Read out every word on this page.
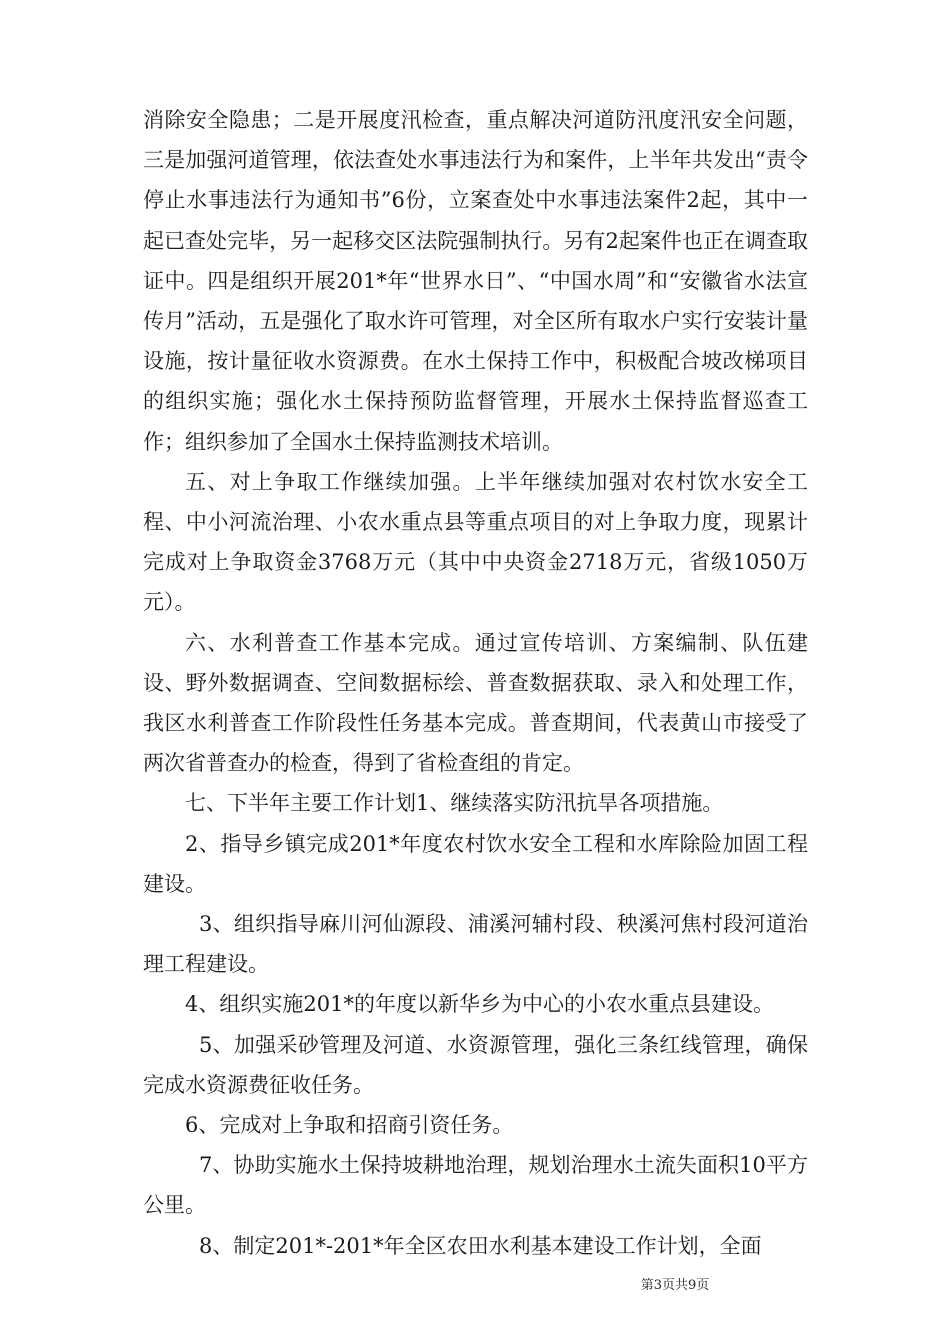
消除安全隐患；二是开展度汛检查，重点解决河道防汛度汛安全问题，三是加强河道管理，依法查处水事违法行为和案件，上半年共发出“责令停止水事违法行为通知书”6份，立案查处中水事违法案件2起，其中一起已查处完毕，另一起移交区法院强制执行。另有2起案件也正在调查取证中。四是组织开展201*年“世界水日”、“中国水周”和“安徽省水法宣传月”活动，五是强化了取水许可管理，对全区所有取水户实行安装计量设施，按计量征收水资源费。在水土保持工作中，积极配合坡改梯项目的组织实施；强化水土保持预防监督管理，开展水土保持监督巡查工作；组织参加了全国水土保持监测技术培训。

五、对上争取工作继续加强。上半年继续加强对农村饮水安全工程、中小河流治理、小农水重点县等重点项目的对上争取力度，现累计完成对上争取资金3768万元（其中中央资金2718万元，省级1050万元）。

六、水利普查工作基本完成。通过宣传培训、方案编制、队伍建设、野外数据调查、空间数据标绘、普查数据获取、录入和处理工作，我区水利普查工作阶段性任务基本完成。普查期间，代表黄山市接受了两次省普查办的检查，得到了省检查组的肯定。

七、下半年主要工作计划1、继续落实防汛抗旱各项措施。

2、指导乡镇完成201*年度农村饮水安全工程和水库除险加固工程建设。

3、组织指导麻川河仙源段、浦溪河辅村段、秧溪河焦村段河道治理工程建设。

4、组织实施201*的年度以新华乡为中心的小农水重点县建设。

5、加强采砂管理及河道、水资源管理，强化三条红线管理，确保完成水资源费征收任务。

6、完成对上争取和招商引资任务。

7、协助实施水土保持坡耕地治理，规划治理水土流失面积10平方公里。

8、制定201*-201*年全区农田水利基本建设工作计划，全面

第3页共9页
